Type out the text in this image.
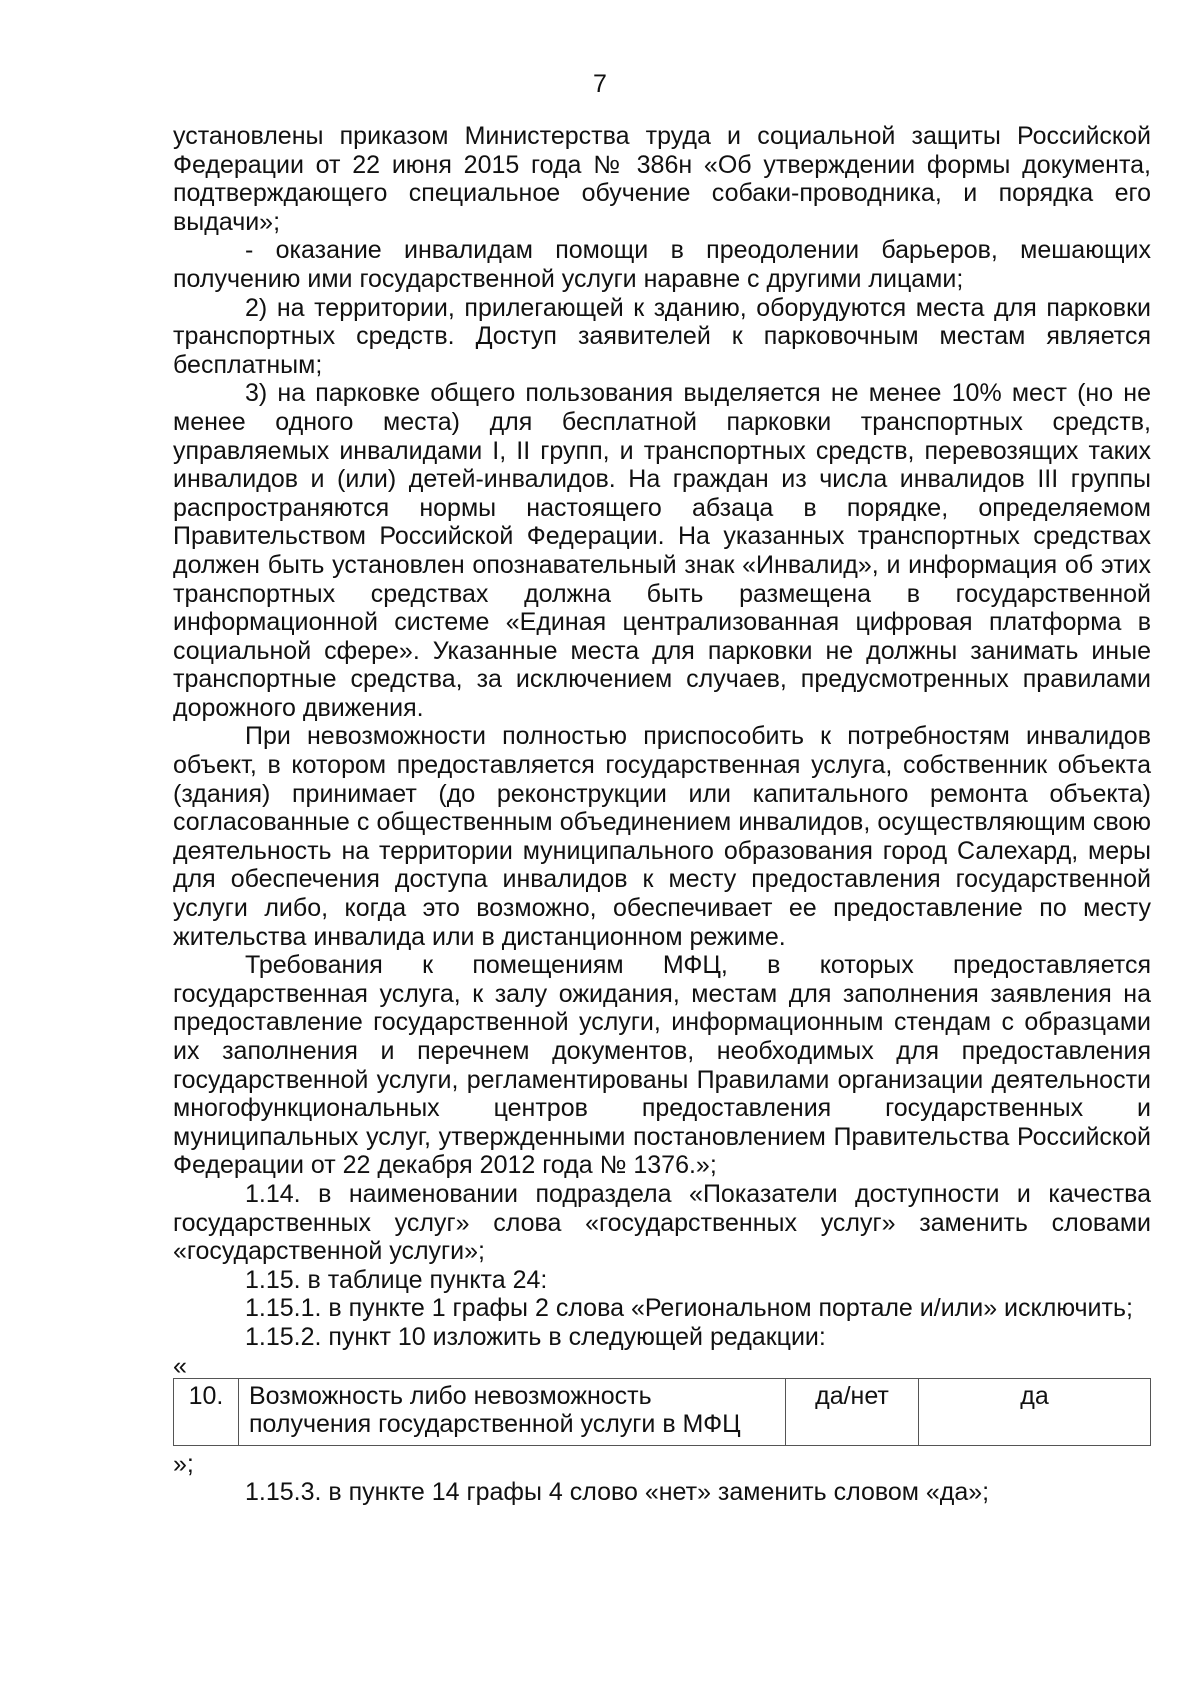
7

установлены приказом Министерства труда и социальной защиты Российской Федерации от 22 июня 2015 года № 386н «Об утверждении формы документа, подтверждающего специальное обучение собаки-проводника, и порядка его выдачи»;

- оказание инвалидам помощи в преодолении барьеров, мешающих получению ими государственной услуги наравне с другими лицами;

2) на территории, прилегающей к зданию, оборудуются места для парковки транспортных средств. Доступ заявителей к парковочным местам является бесплатным;

3) на парковке общего пользования выделяется не менее 10% мест (но не менее одного места) для бесплатной парковки транспортных средств, управляемых инвалидами I, II групп, и транспортных средств, перевозящих таких инвалидов и (или) детей-инвалидов. На граждан из числа инвалидов III группы распространяются нормы настоящего абзаца в порядке, определяемом Правительством Российской Федерации. На указанных транспортных средствах должен быть установлен опознавательный знак «Инвалид», и информация об этих транспортных средствах должна быть размещена в государственной информационной системе «Единая централизованная цифровая платформа в социальной сфере». Указанные места для парковки не должны занимать иные транспортные средства, за исключением случаев, предусмотренных правилами дорожного движения.

При невозможности полностью приспособить к потребностям инвалидов объект, в котором предоставляется государственная услуга, собственник объекта (здания) принимает (до реконструкции или капитального ремонта объекта) согласованные с общественным объединением инвалидов, осуществляющим свою деятельность на территории муниципального образования город Салехард, меры для обеспечения доступа инвалидов к месту предоставления государственной услуги либо, когда это возможно, обеспечивает ее предоставление по месту жительства инвалида или в дистанционном режиме.

Требования к помещениям МФЦ, в которых предоставляется государственная услуга, к залу ожидания, местам для заполнения заявления на предоставление государственной услуги, информационным стендам с образцами их заполнения и перечнем документов, необходимых для предоставления государственной услуги, регламентированы Правилами организации деятельности многофункциональных центров предоставления государственных и муниципальных услуг, утвержденными постановлением Правительства Российской Федерации от 22 декабря 2012 года № 1376.»;

1.14. в наименовании подраздела «Показатели доступности и качества государственных услуг» слова «государственных услуг» заменить словами «государственной услуги»;

1.15. в таблице пункта 24:

1.15.1. в пункте 1 графы 2 слова «Региональном портале и/или» исключить;

1.15.2. пункт 10 изложить в следующей редакции:

«

10.	Возможность либо невозможность получения государственной услуги в МФЦ	да/нет	да

»;

1.15.3. в пункте 14 графы 4 слово «нет» заменить словом «да»;
